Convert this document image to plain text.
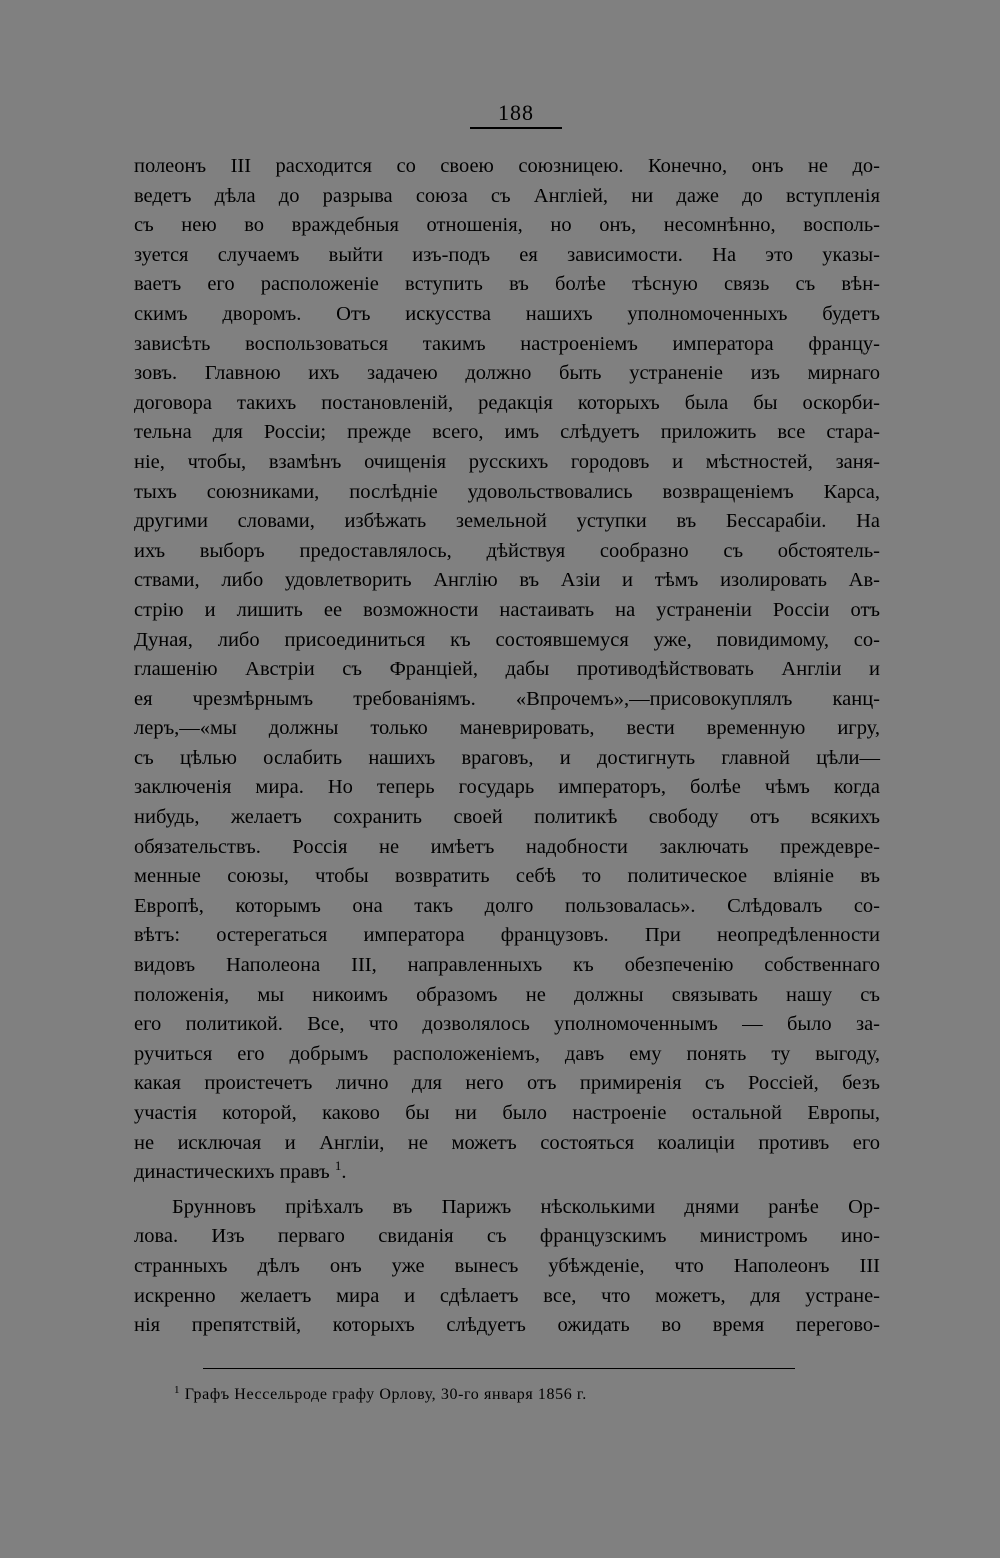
188
полеонъ III расходится со своею союзницею. Конечно, онъ не до-
ведетъ дѣла до разрыва союза съ Англіей, ни даже до вступленія
съ нею во враждебныя отношенія, но онъ, несомнѣнно, восполь-
зуется случаемъ выйти изъ-подъ ея зависимости. На это указы-
ваетъ его расположеніе вступить въ болѣе тѣсную связь съ вѣн-
скимъ дворомъ. Отъ искусства нашихъ уполномоченныхъ будетъ
зависѣть воспользоваться такимъ настроеніемъ императора францу-
зовъ. Главною ихъ задачею должно быть устраненіе изъ мирнаго
договора такихъ постановленій, редакція которыхъ была бы оскорби-
тельна для Россіи; прежде всего, имъ слѣдуетъ приложить все стара-
ніе, чтобы, взамѣнъ очищенія русскихъ городовъ и мѣстностей, заня-
тыхъ союзниками, послѣдніе удовольствовались возвращеніемъ Карса,
другими словами, избѣжать земельной уступки въ Бессарабіи. На
ихъ выборъ предоставлялось, дѣйствуя сообразно съ обстоятель-
ствами, либо удовлетворить Англію въ Азіи и тѣмъ изолировать Ав-
стрію и лишить ее возможности настаивать на устраненіи Россіи отъ
Дуная, либо присоединиться къ состоявшемуся уже, повидимому, со-
глашенію Австріи съ Франціей, дабы противодѣйствовать Англіи и
ея чрезмѣрнымъ требованіямъ. «Впрочемъ»,—присовокуплялъ канц-
леръ,—«мы должны только маневрировать, вести временную игру,
съ цѣлью ослабить нашихъ враговъ, и достигнуть главной цѣли—
заключенія мира. Но теперь государь императоръ, болѣе чѣмъ когда
нибудь, желаетъ сохранить своей политикѣ свободу отъ всякихъ
обязательствъ. Россія не имѣетъ надобности заключать преждевре-
менные союзы, чтобы возвратить себѣ то политическое вліяніе въ
Европѣ, которымъ она такъ долго пользовалась». Слѣдовалъ со-
вѣтъ: остерегаться императора французовъ. При неопредѣленности
видовъ Наполеона III, направленныхъ къ обезпеченію собственнаго
положенія, мы никоимъ образомъ не должны связывать нашу съ
его политикой. Все, что дозволялось уполномоченнымъ — было за-
ручиться его добрымъ расположеніемъ, давъ ему понять ту выгоду,
какая проистечетъ лично для него отъ примиренія съ Россіей, безъ
участія которой, каково бы ни было настроеніе остальной Европы,
не исключая и Англіи, не можетъ состояться коалиціи противъ его
династическихъ правъ $^1$.
Брунновъ пріѣхалъ въ Парижъ нѣсколькими днями ранѣе Ор-
лова. Изъ перваго свиданія съ французскимъ министромъ ино-
странныхъ дѣлъ онъ уже вынесъ убѣжденіе, что Наполеонъ III
искренно желаетъ мира и сдѣлаетъ все, что можетъ, для устране-
нія препятствій, которыхъ слѣдуетъ ожидать во время перегово-
$^1$ Графъ Нессельроде графу Орлову, 30-го января 1856 г.
